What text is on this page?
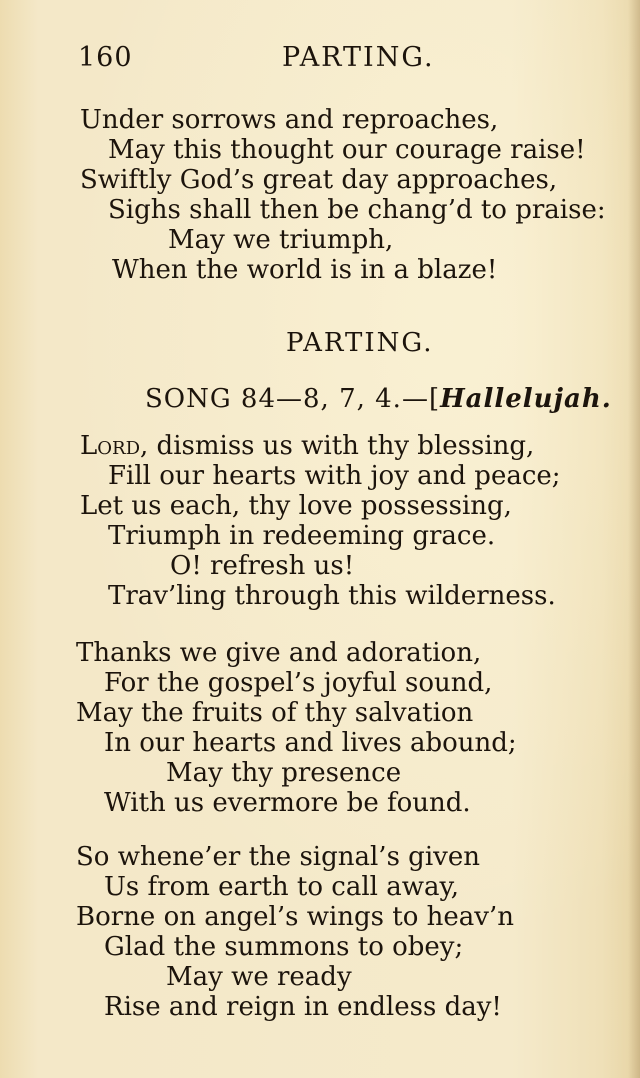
160	PARTING.
Under sorrows and reproaches,
May this thought our courage raise!
Swiftly God’s great day approaches,
Sighs shall then be chang’d to praise:
May we triumph,
When the world is in a blaze!
PARTING.
SONG 84—8, 7, 4.—[Hallelujah.
Lord, dismiss us with thy blessing,
Fill our hearts with joy and peace;
Let us each, thy love possessing,
Triumph in redeeming grace.
O! refresh us!
Trav’ling through this wilderness.
Thanks we give and adoration,
For the gospel’s joyful sound,
May the fruits of thy salvation
In our hearts and lives abound;
May thy presence
With us evermore be found.
So whene’er the signal’s given
Us from earth to call away,
Borne on angel’s wings to heav’n
Glad the summons to obey;
May we ready
Rise and reign in endless day!
